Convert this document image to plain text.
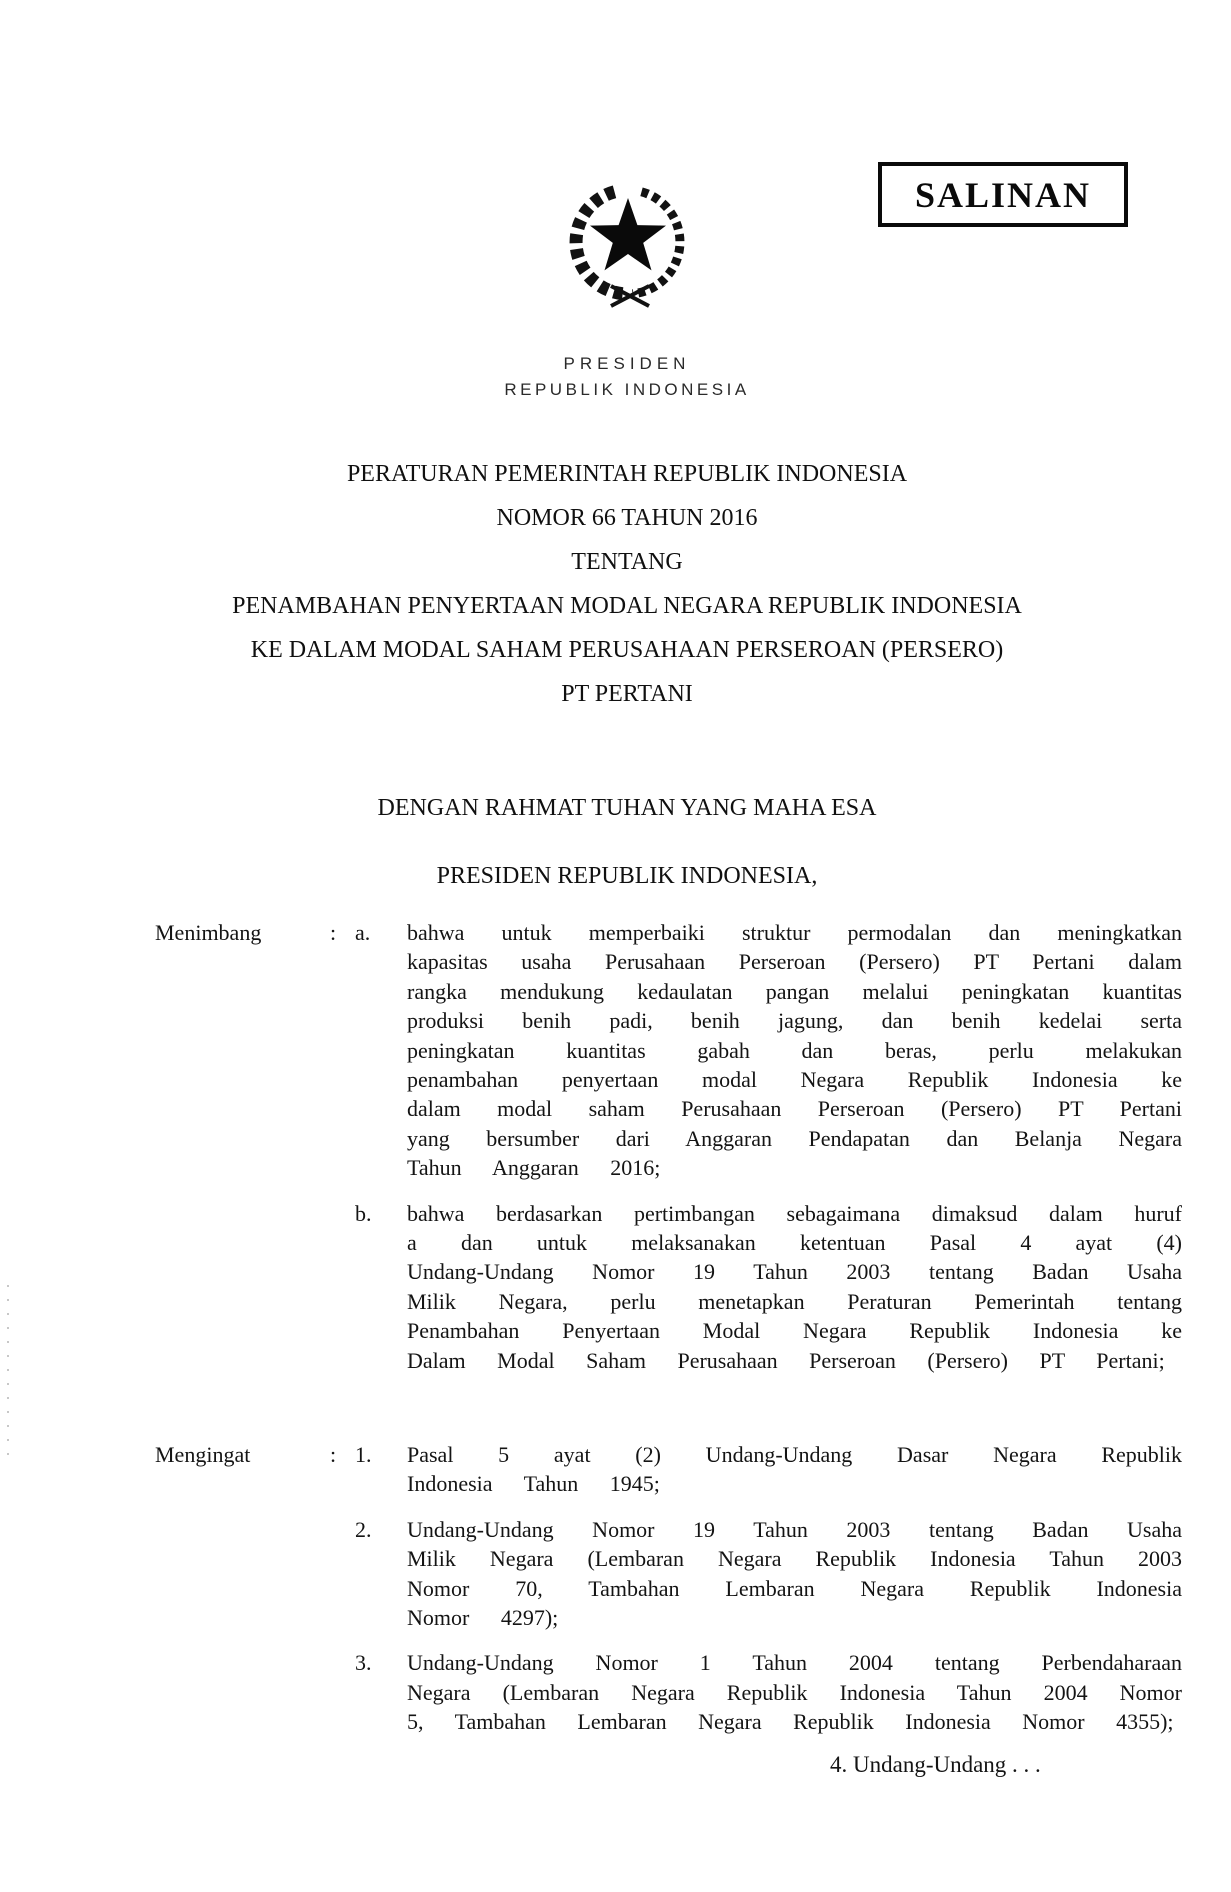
SALINAN
PRESIDEN
REPUBLIK INDONESIA
PERATURAN PEMERINTAH REPUBLIK INDONESIA
NOMOR 66 TAHUN 2016
TENTANG
PENAMBAHAN PENYERTAAN MODAL NEGARA REPUBLIK INDONESIA
KE DALAM MODAL SAHAM PERUSAHAAN PERSEROAN (PERSERO)
PT PERTANI
DENGAN RAHMAT TUHAN YANG MAHA ESA
PRESIDEN REPUBLIK INDONESIA,
Menimbang	: a.	bahwa untuk memperbaiki struktur permodalan dan meningkatkan kapasitas usaha Perusahaan Perseroan (Persero) PT Pertani dalam rangka mendukung kedaulatan pangan melalui peningkatan kuantitas produksi benih padi, benih jagung, dan benih kedelai serta peningkatan kuantitas gabah dan beras, perlu melakukan penambahan penyertaan modal Negara Republik Indonesia ke dalam modal saham Perusahaan Perseroan (Persero) PT Pertani yang bersumber dari Anggaran Pendapatan dan Belanja Negara Tahun Anggaran 2016;
b.	bahwa berdasarkan pertimbangan sebagaimana dimaksud dalam huruf a dan untuk melaksanakan ketentuan Pasal 4 ayat (4) Undang-Undang Nomor 19 Tahun 2003 tentang Badan Usaha Milik Negara, perlu menetapkan Peraturan Pemerintah tentang Penambahan Penyertaan Modal Negara Republik Indonesia ke Dalam Modal Saham Perusahaan Perseroan (Persero) PT Pertani;
Mengingat	: 1.	Pasal 5 ayat (2) Undang-Undang Dasar Negara Republik Indonesia Tahun 1945;
2.	Undang-Undang Nomor 19 Tahun 2003 tentang Badan Usaha Milik Negara (Lembaran Negara Republik Indonesia Tahun 2003 Nomor 70, Tambahan Lembaran Negara Republik Indonesia Nomor 4297);
3.	Undang-Undang Nomor 1 Tahun 2004 tentang Perbendaharaan Negara (Lembaran Negara Republik Indonesia Tahun 2004 Nomor 5, Tambahan Lembaran Negara Republik Indonesia Nomor 4355);
4. Undang-Undang . . .
